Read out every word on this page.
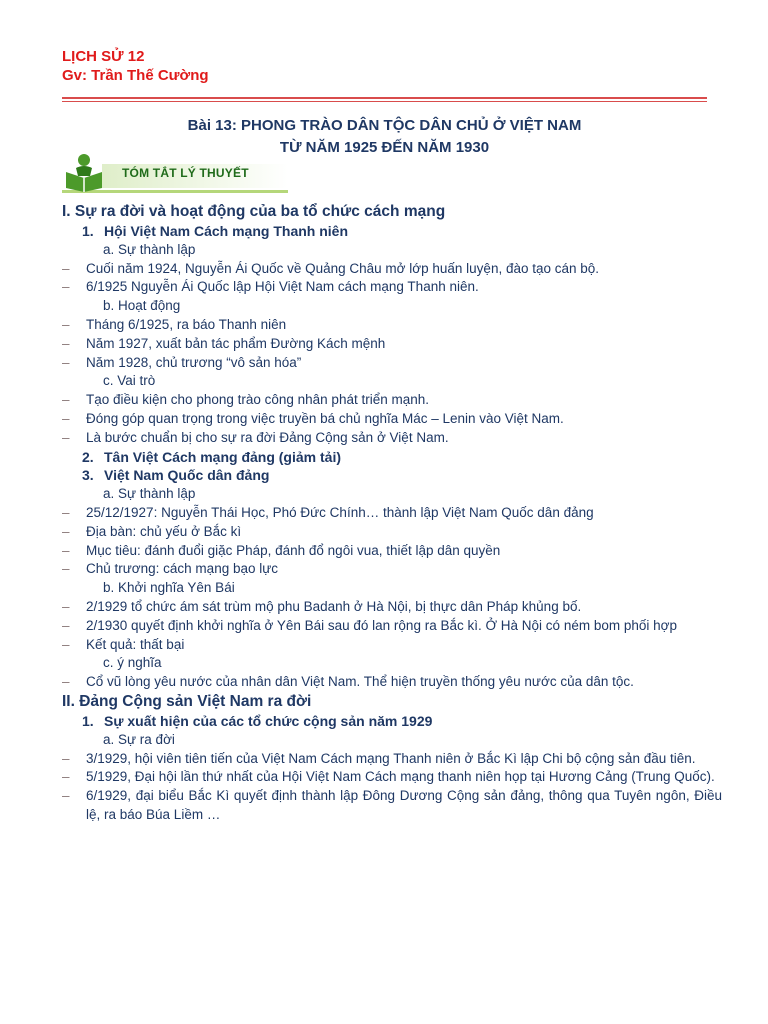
LỊCH SỬ 12
Gv: Trần Thế Cường
Bài 13: PHONG TRÀO DÂN TỘC DÂN CHỦ Ở VIỆT NAM
TỪ NĂM 1925 ĐẾN NĂM 1930
TÓM TẮT LÝ THUYẾT
I. Sự ra đời và hoạt động của ba tổ chức cách mạng
1. Hội Việt Nam Cách mạng Thanh niên
a. Sự thành lập
– Cuối năm 1924, Nguyễn Ái Quốc về Quảng Châu mở lớp huấn luyện, đào tạo cán bộ.
– 6/1925 Nguyễn Ái Quốc lập Hội Việt Nam cách mạng Thanh niên.
b. Hoạt động
– Tháng 6/1925, ra báo Thanh niên
– Năm 1927, xuất bản tác phẩm Đường Kách mệnh
– Năm 1928, chủ trương “vô sản hóa”
c. Vai trò
– Tạo điều kiện cho phong trào công nhân phát triển mạnh.
– Đóng góp quan trọng trong việc truyền bá chủ nghĩa Mác – Lenin vào Việt Nam.
– Là bước chuẩn bị cho sự ra đời Đảng Cộng sản ở Việt Nam.
2. Tân Việt Cách mạng đảng (giảm tải)
3. Việt Nam Quốc dân đảng
a. Sự thành lập
– 25/12/1927: Nguyễn Thái Học, Phó Đức Chính… thành lập Việt Nam Quốc dân đảng
– Địa bàn: chủ yếu ở Bắc kì
– Mục tiêu: đánh đuổi giặc Pháp, đánh đổ ngôi vua, thiết lập dân quyền
– Chủ trương: cách mạng bạo lực
b. Khởi nghĩa Yên Bái
– 2/1929 tổ chức ám sát trùm mộ phu Badanh ở Hà Nội, bị thực dân Pháp khủng bố.
– 2/1930 quyết định khởi nghĩa ở Yên Bái sau đó lan rộng ra Bắc kì. Ở Hà Nội có ném bom phối hợp
– Kết quả: thất bại
c. ý nghĩa
– Cổ vũ lòng yêu nước của nhân dân Việt Nam. Thể hiện truyền thống yêu nước của dân tộc.
II. Đảng Cộng sản Việt Nam ra đời
1. Sự xuất hiện của các tổ chức cộng sản năm 1929
a. Sự ra đời
– 3/1929, hội viên tiên tiến của Việt Nam Cách mạng Thanh niên ở Bắc Kì lập Chi bộ cộng sản đầu tiên.
– 5/1929, Đại hội lần thứ nhất của Hội Việt Nam Cách mạng thanh niên họp tại Hương Cảng (Trung Quốc).
– 6/1929, đại biểu Bắc Kì quyết định thành lập Đông Dương Cộng sản đảng, thông qua Tuyên ngôn, Điều lệ, ra báo Búa Liềm …
